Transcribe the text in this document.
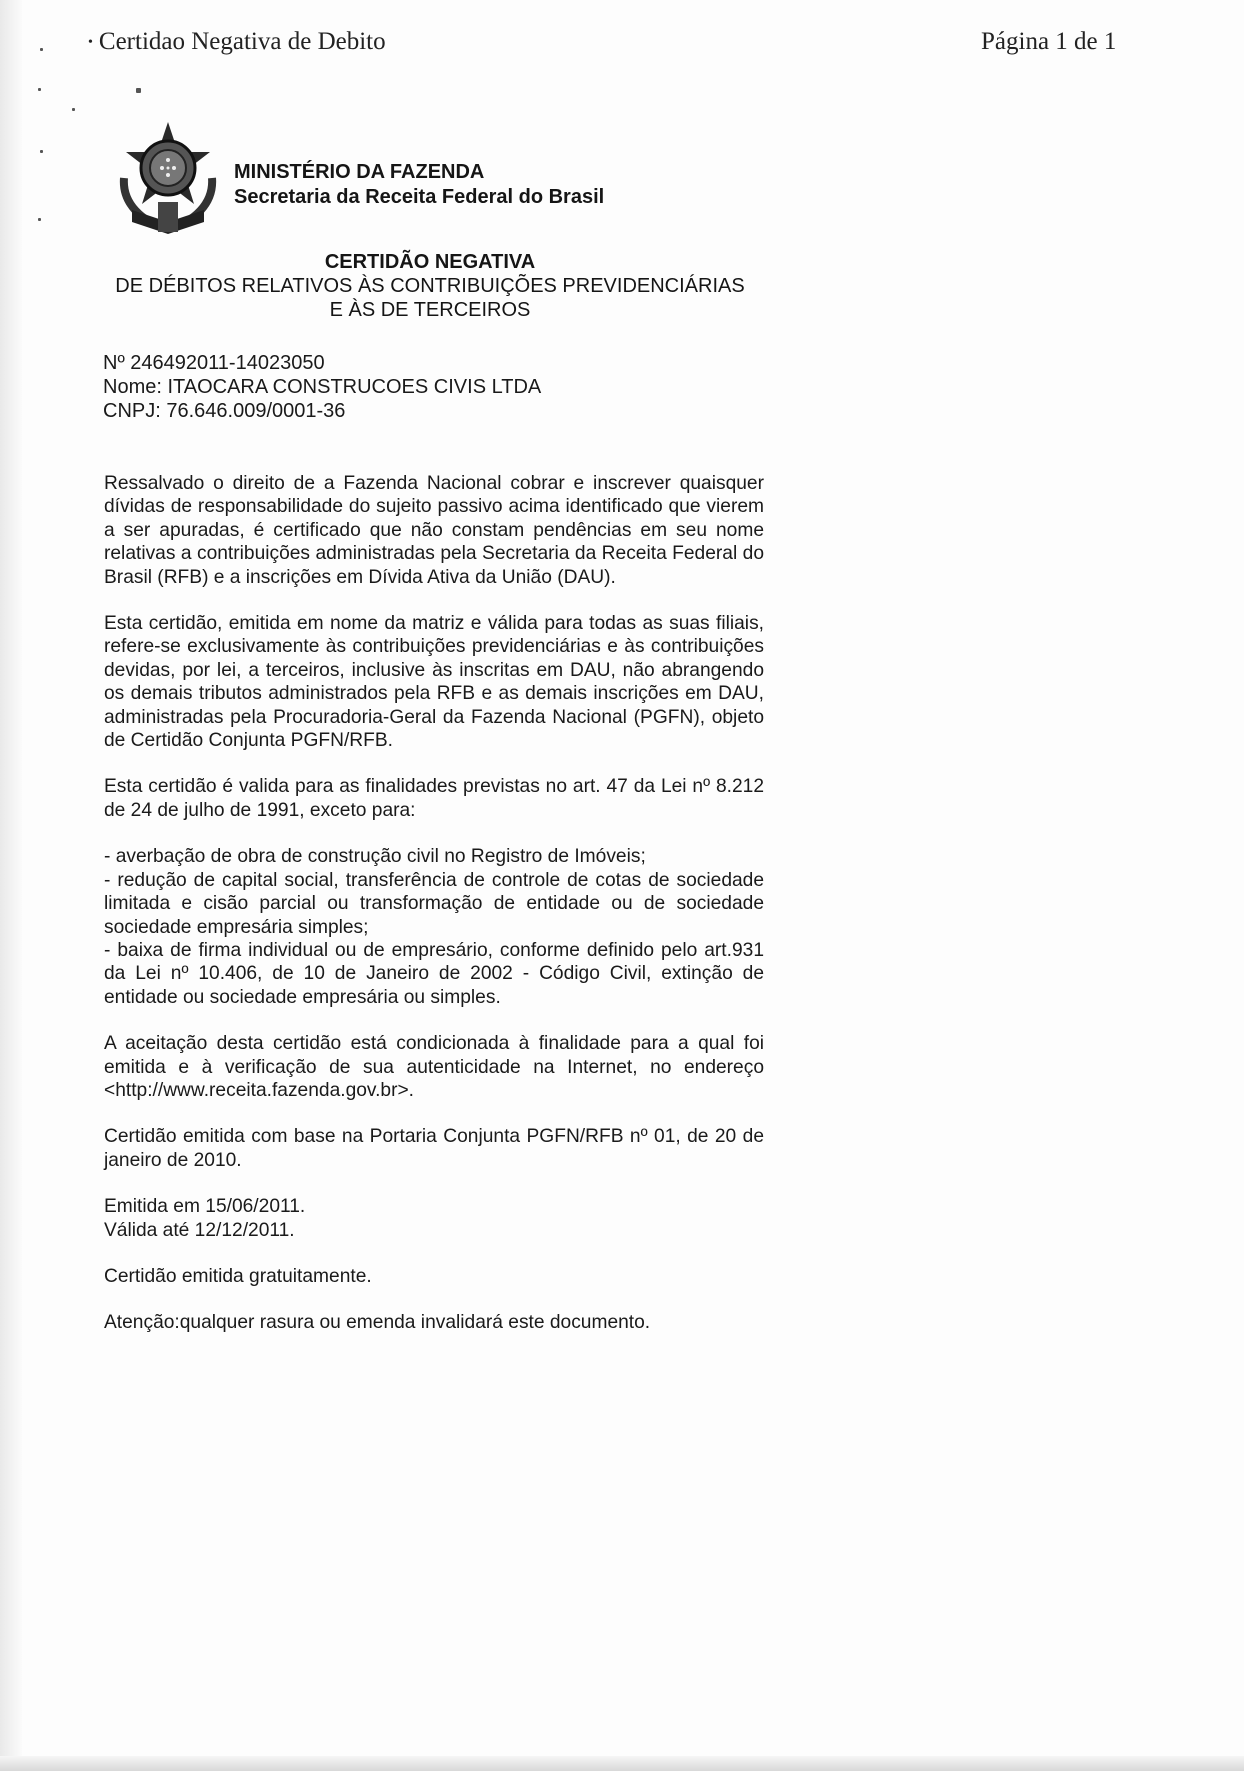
• Certidao Negativa de Debito	Página 1 de 1
MINISTÉRIO DA FAZENDA
Secretaria da Receita Federal do Brasil
CERTIDÃO NEGATIVA
DE DÉBITOS RELATIVOS ÀS CONTRIBUIÇÕES PREVIDENCIÁRIAS
E ÀS DE TERCEIROS
Nº 246492011-14023050
Nome: ITAOCARA CONSTRUCOES CIVIS LTDA
CNPJ: 76.646.009/0001-36

Ressalvado o direito de a Fazenda Nacional cobrar e inscrever quaisquer dívidas de responsabilidade do sujeito passivo acima identificado que vierem a ser apuradas, é certificado que não constam pendências em seu nome relativas a contribuições administradas pela Secretaria da Receita Federal do Brasil (RFB) e a inscrições em Dívida Ativa da União (DAU).

Esta certidão, emitida em nome da matriz e válida para todas as suas filiais, refere-se exclusivamente às contribuições previdenciárias e às contribuições devidas, por lei, a terceiros, inclusive às inscritas em DAU, não abrangendo os demais tributos administrados pela RFB e as demais inscrições em DAU, administradas pela Procuradoria-Geral da Fazenda Nacional (PGFN), objeto de Certidão Conjunta PGFN/RFB.

Esta certidão é valida para as finalidades previstas no art. 47 da Lei nº 8.212 de 24 de julho de 1991, exceto para:

- averbação de obra de construção civil no Registro de Imóveis;

- redução de capital social, transferência de controle de cotas de sociedade limitada e cisão parcial ou transformação de entidade ou de sociedade sociedade empresária simples;

- baixa de firma individual ou de empresário, conforme definido pelo art.931 da Lei nº 10.406, de 10 de Janeiro de 2002 - Código Civil, extinção de entidade ou sociedade empresária ou simples.

A aceitação desta certidão está condicionada à finalidade para a qual foi emitida e à verificação de sua autenticidade na Internet, no endereço <http://www.receita.fazenda.gov.br>.

Certidão emitida com base na Portaria Conjunta PGFN/RFB nº 01, de 20 de janeiro de 2010.

Emitida em 15/06/2011.

Válida até 12/12/2011.

Certidão emitida gratuitamente.

Atenção:qualquer rasura ou emenda invalidará este documento.
